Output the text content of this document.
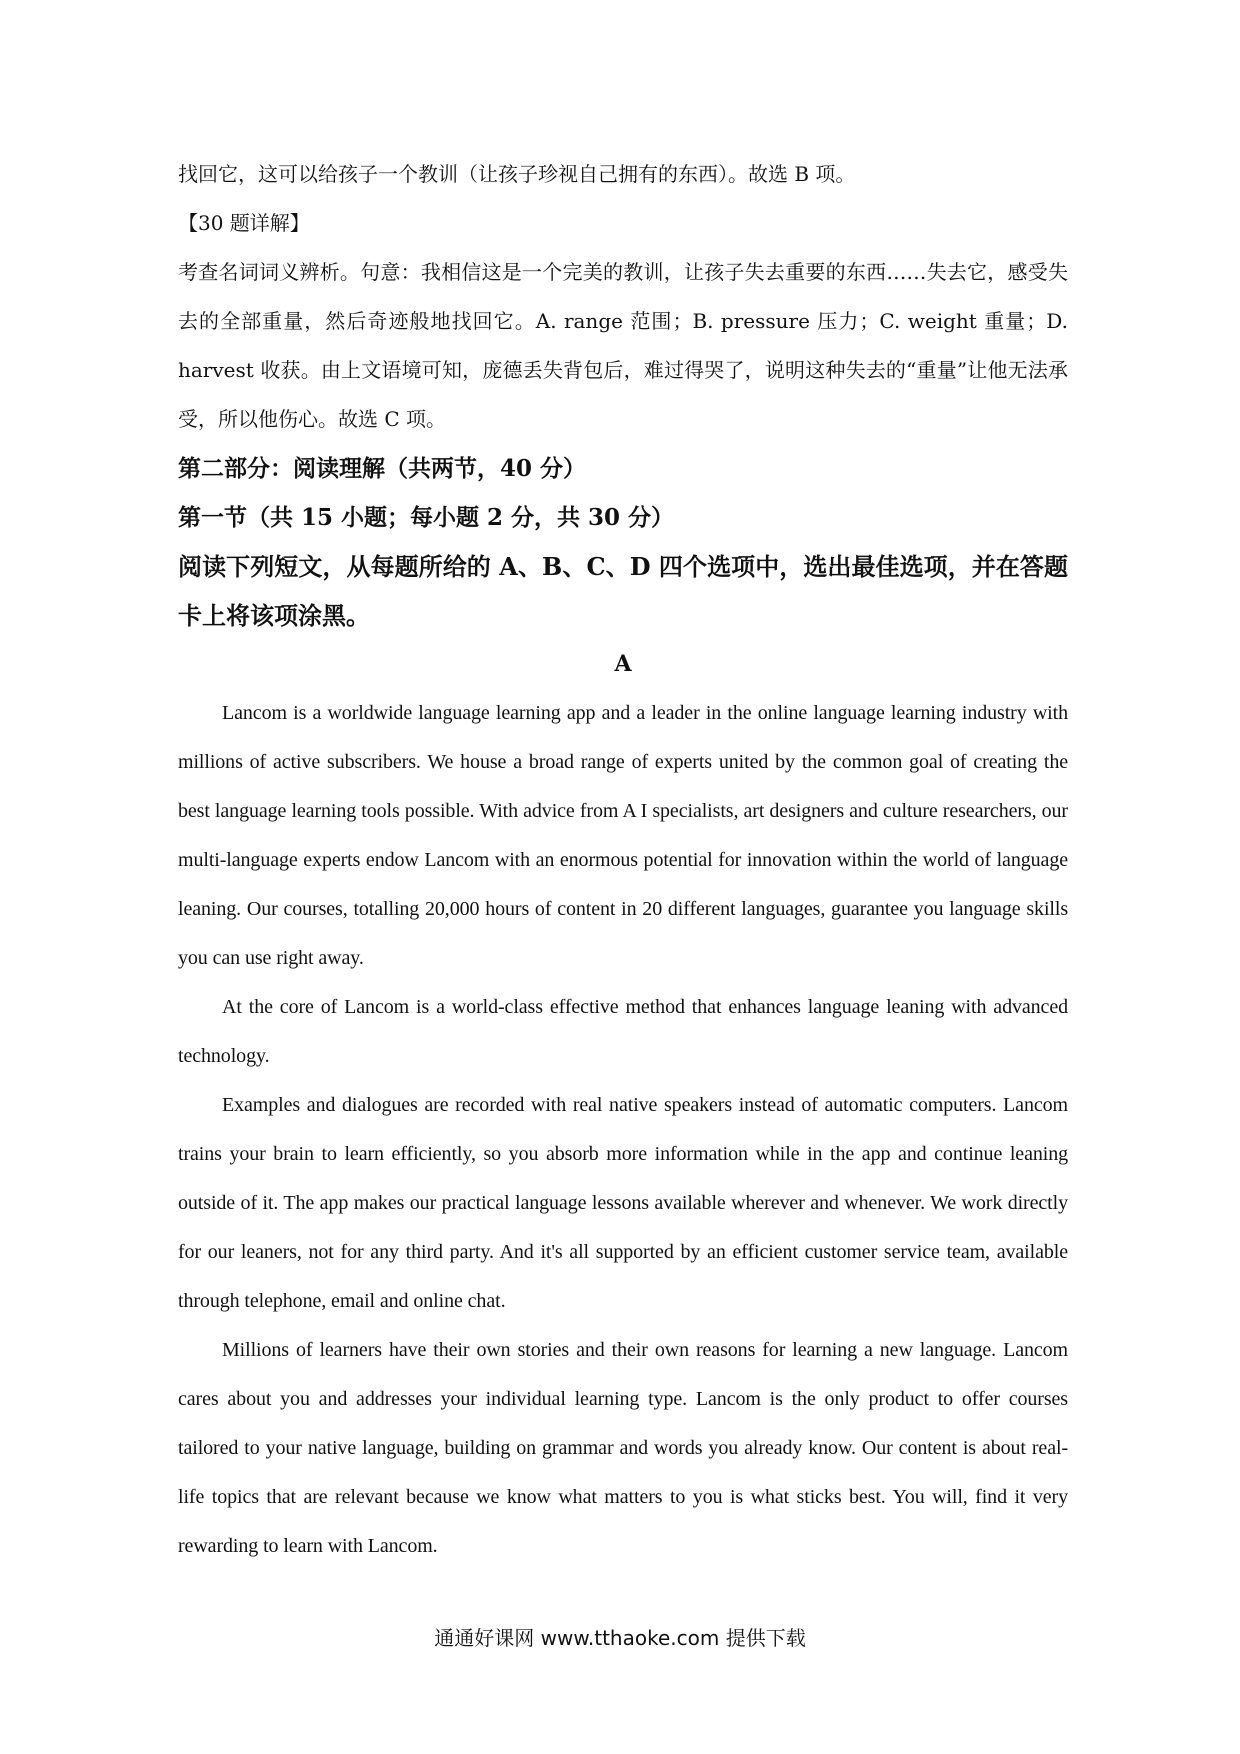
找回它，这可以给孩子一个教训（让孩子珍视自己拥有的东西）。故选 B 项。

【30 题详解】

考查名词词义辨析。句意：我相信这是一个完美的教训，让孩子失去重要的东西……失去它，感受失去的全部重量，然后奇迹般地找回它。A. range 范围；B. pressure 压力；C. weight 重量；D. harvest 收获。由上文语境可知，庞德丢失背包后，难过得哭了，说明这种失去的“重量”让他无法承受，所以他伤心。故选 C 项。

第二部分：阅读理解（共两节，40 分）

第一节（共 15 小题；每小题 2 分，共 30 分）

阅读下列短文，从每题所给的 A、B、C、D 四个选项中，选出最佳选项，并在答题卡上将该项涂黑。

A

Lancom is a worldwide language learning app and a leader in the online language learning industry with millions of active subscribers. We house a broad range of experts united by the common goal of creating the best language learning tools possible. With advice from A I specialists, art designers and culture researchers, our multi-language experts endow Lancom with an enormous potential for innovation within the world of language leaning. Our courses, totalling 20,000 hours of content in 20 different languages, guarantee you language skills you can use right away.

At the core of Lancom is a world-class effective method that enhances language leaning with advanced technology.

Examples and dialogues are recorded with real native speakers instead of automatic computers. Lancom trains your brain to learn efficiently, so you absorb more information while in the app and continue leaning outside of it. The app makes our practical language lessons available wherever and whenever. We work directly for our leaners, not for any third party. And it's all supported by an efficient customer service team, available through telephone, email and online chat.

Millions of learners have their own stories and their own reasons for learning a new language. Lancom cares about you and addresses your individual learning type. Lancom is the only product to offer courses tailored to your native language, building on grammar and words you already know. Our content is about real-life topics that are relevant because we know what matters to you is what sticks best. You will, find it very rewarding to learn with Lancom.

通通好课网 www.tthaoke.com 提供下载
